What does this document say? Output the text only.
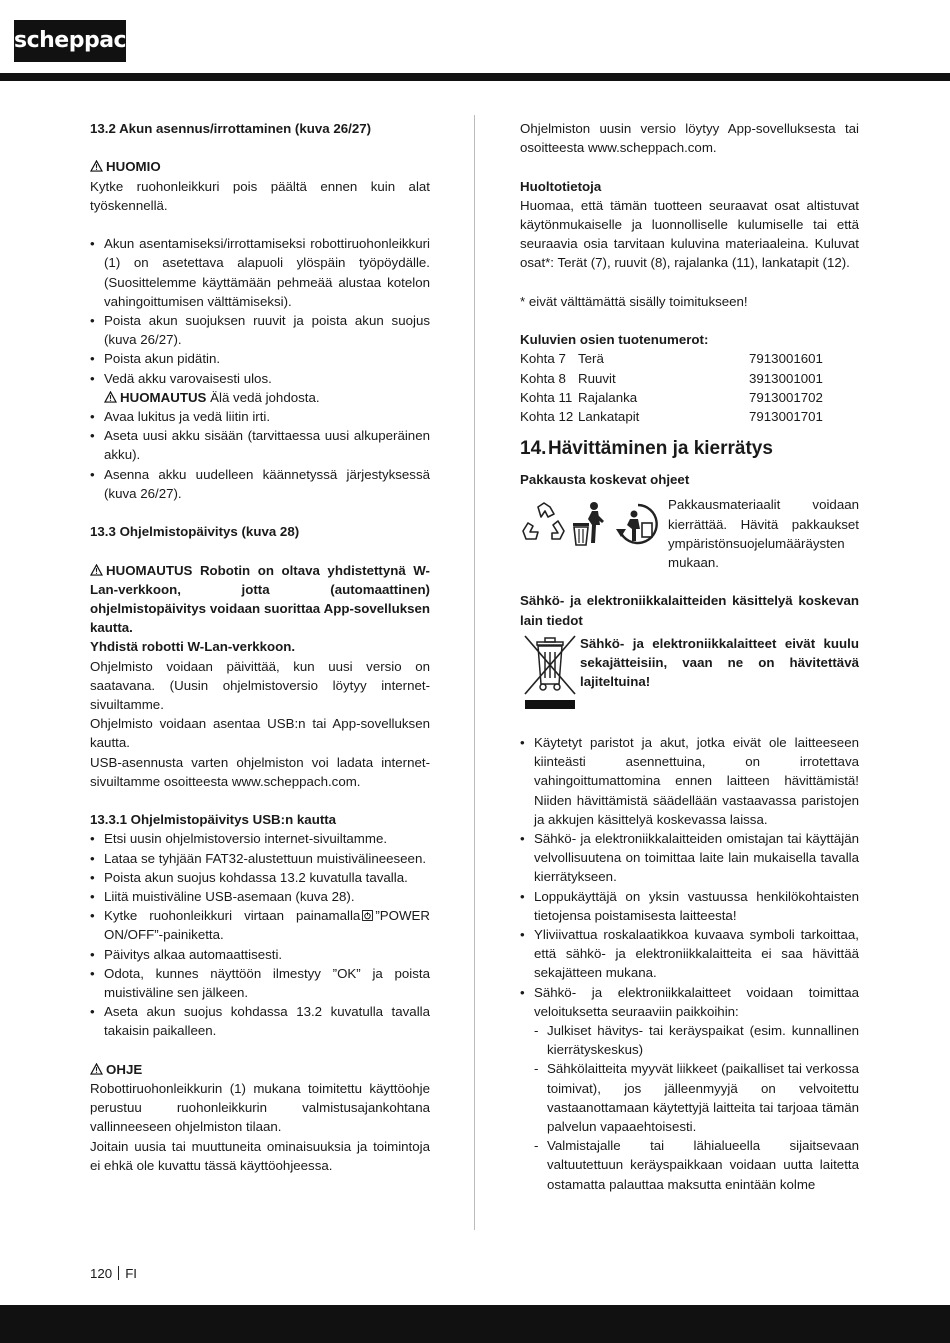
scheppach

13.2 Akun asennus/irrottaminen (kuva 26/27)

HUOMIO

Kytke ruohonleikkuri pois päältä ennen kuin alat työskennellä.

• Akun asentamiseksi/irrottamiseksi robottiruohonleikkuri (1) on asetettava alapuoli ylöspäin työpöydälle. (Suosittelemme käyttämään pehmeää alustaa kotelon vahingoittumisen välttämiseksi).
• Poista akun suojuksen ruuvit ja poista akun suojus (kuva 26/27).
• Poista akun pidätin.
• Vedä akku varovaisesti ulos.

HUOMAUTUS Älä vedä johdosta.

• Avaa lukitus ja vedä liitin irti.
• Aseta uusi akku sisään (tarvittaessa uusi alkuperäinen akku).
• Asenna akku uudelleen käännetyssä järjestyksessä (kuva 26/27).

13.3 Ohjelmistopäivitys (kuva 28)

HUOMAUTUS Robotin on oltava yhdistettynä W-Lan-verkkoon, jotta (automaattinen) ohjelmistopäivitys voidaan suorittaa App-sovelluksen kautta.

Yhdistä robotti W-Lan-verkkoon.

Ohjelmisto voidaan päivittää, kun uusi versio on saatavana. (Uusin ohjelmistoversio löytyy internet-sivuiltamme.

Ohjelmisto voidaan asentaa USB:n tai App-sovelluksen kautta.

USB-asennusta varten ohjelmiston voi ladata internet-sivuiltamme osoitteesta www.scheppach.com.

13.3.1 Ohjelmistopäivitys USB:n kautta

• Etsi uusin ohjelmistoversio internet-sivuiltamme.
• Lataa se tyhjään FAT32-alustettuun muistivälineeseen.
• Poista akun suojus kohdassa 13.2 kuvatulla tavalla.
• Liitä muistiväline USB-asemaan (kuva 28).
• Kytke ruohonleikkuri virtaan painamalla ”POWER ON/OFF”-painiketta.
• Päivitys alkaa automaattisesti.
• Odota, kunnes näyttöön ilmestyy ”OK” ja poista muistiväline sen jälkeen.
• Aseta akun suojus kohdassa 13.2 kuvatulla tavalla takaisin paikalleen.

OHJE

Robottiruohonleikkurin (1) mukana toimitettu käyttöohje perustuu ruohonleikkurin valmistusajankohtana vallinneeseen ohjelmiston tilaan.

Joitain uusia tai muuttuneita ominaisuuksia ja toimintoja ei ehkä ole kuvattu tässä käyttöohjeessa.

Ohjelmiston uusin versio löytyy App-sovelluksesta tai osoitteesta www.scheppach.com.

Huoltotietoja

Huomaa, että tämän tuotteen seuraavat osat altistuvat käytönmukaiselle ja luonnolliselle kulumiselle tai että seuraavia osia tarvitaan kuluvina materiaaleina. Kuluvat osat*: Terät (7), ruuvit (8), rajalanka (11), lankatapit (12).

* eivät välttämättä sisälly toimitukseen!

Kuluvien osien tuotenumerot:

Kohta 7	Terä	7913001601
Kohta 8	Ruuvit	3913001001
Kohta 11	Rajalanka	7913001702
Kohta 12	Lankatapit	7913001701
14.Hävittäminen ja kierrätys

Pakkausta koskevat ohjeet

Pakkausmateriaalit voidaan kierrättää. Hävitä pakkaukset ympäristönsuojelumääräysten mukaan.

Sähkö- ja elektroniikkalaitteiden käsittelyä koskevan lain tiedot

Sähkö- ja elektroniikkalaitteet eivät kuulu sekajätteisiin, vaan ne on hävitettävä lajiteltuina!

• Käytetyt paristot ja akut, jotka eivät ole laitteeseen kiinteästi asennettuina, on irrotettava vahingoittumattomina ennen laitteen hävittämistä! Niiden hävittämistä säädellään vastaavassa paristojen ja akkujen käsittelyä koskevassa laissa.
• Sähkö- ja elektroniikkalaitteiden omistajan tai käyttäjän velvollisuutena on toimittaa laite lain mukaisella tavalla kierrätykseen.
• Loppukäyttäjä on yksin vastuussa henkilökohtaisten tietojensa poistamisesta laitteesta!
• Yliviivattua roskalaatikkoa kuvaava symboli tarkoittaa, että sähkö- ja elektroniikkalaitteita ei saa hävittää sekajätteen mukana.
• Sähkö- ja elektroniikkalaitteet voidaan toimittaa veloituksetta seuraaviin paikkoihin:
- Julkiset hävitys- tai keräyspaikat (esim. kunnallinen kierrätyskeskus)
- Sähkölaitteita myyvät liikkeet (paikalliset tai verkossa toimivat), jos jälleenmyyjä on velvoitettu vastaanottamaan käytettyjä laitteita tai tarjoaa tämän palvelun vapaaehtoisesti.
- Valmistajalle tai lähialueella sijaitsevaan valtuutettuun keräyspaikkaan voidaan uutta laitetta ostamatta palauttaa maksutta enintään kolme
120 FI
